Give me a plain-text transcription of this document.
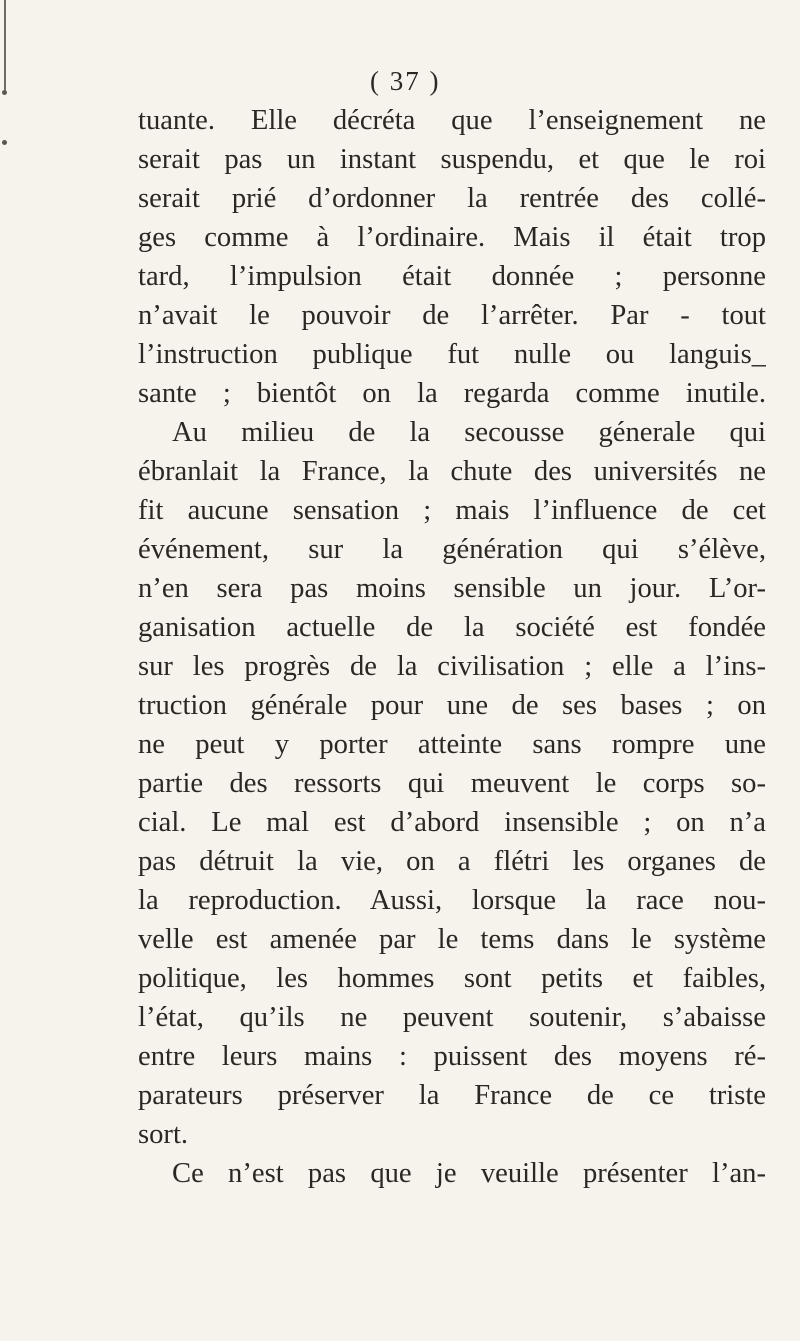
( 37 )
tuante. Elle décréta que l’enseignement ne
serait pas un instant suspendu, et que le roi
serait prié d’ordonner la rentrée des collé-
ges comme à l’ordinaire. Mais il était trop
tard, l’impulsion était donnée ; personne
n’avait le pouvoir de l’arrêter. Par - tout
l’instruction publique fut nulle ou languis_
sante ; bientôt on la regarda comme inutile.
Au milieu de la secousse génerale qui
ébranlait la France, la chute des universités ne
fit aucune sensation ; mais l’influence de cet
événement, sur la génération qui s’élève,
n’en sera pas moins sensible un jour. L’or-
ganisation actuelle de la société est fondée
sur les progrès de la civilisation ; elle a l’ins-
truction générale pour une de ses bases ; on
ne peut y porter atteinte sans rompre une
partie des ressorts qui meuvent le corps so-
cial. Le mal est d’abord insensible ; on n’a
pas détruit la vie, on a flétri les organes de
la reproduction. Aussi, lorsque la race nou-
velle est amenée par le tems dans le système
politique, les hommes sont petits et faibles,
l’état, qu’ils ne peuvent soutenir, s’abaisse
entre leurs mains : puissent des moyens ré-
parateurs préserver la France de ce triste
sort.
Ce n’est pas que je veuille présenter l’an-
